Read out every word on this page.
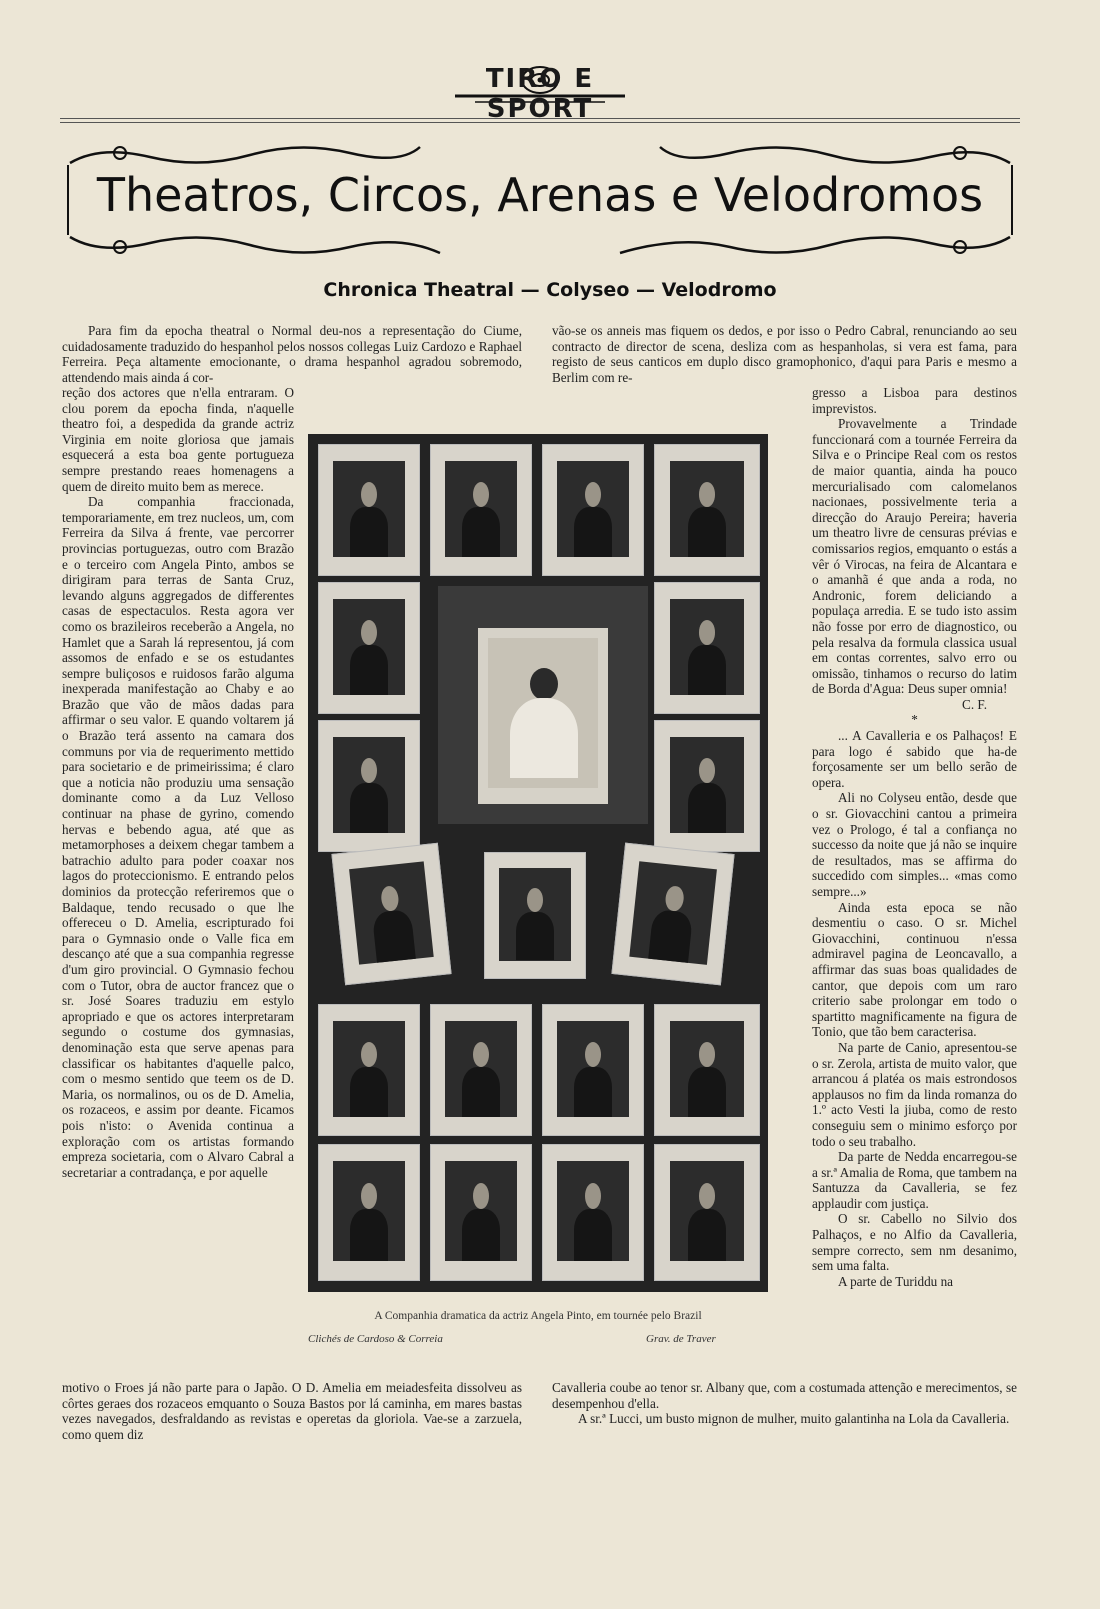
TIRO E SPORT
Theatros, Circos, Arenas e Velodromos
Chronica Theatral — Colyseo — Velodromo

Para fim da epocha theatral o Normal deu-nos a representação do Ciume, cuidadosamente traduzido do hespanhol pelos nossos collegas Luiz Cardozo e Raphael Ferreira. Peça altamente emocionante, o drama hespanhol agradou sobremodo, attendendo mais ainda á cor-

vão-se os anneis mas fiquem os dedos, e por isso o Pedro Cabral, renunciando ao seu contracto de director de scena, desliza com as hespanholas, si vera est fama, para registo de seus canticos em duplo disco gramophonico, d'aqui para Paris e mesmo a Berlim com re-

reção dos actores que n'ella entraram. O clou porem da epocha finda, n'aquelle theatro foi, a despedida da grande actriz Virginia em noite gloriosa que jamais esquecerá a esta boa gente portugueza sempre prestando reaes homenagens a quem de direito muito bem as merece.

Da companhia fraccionada, temporariamente, em trez nucleos, um, com Ferreira da Silva á frente, vae percorrer provincias portuguezas, outro com Brazão e o terceiro com Angela Pinto, ambos se dirigiram para terras de Santa Cruz, levando alguns aggregados de differentes casas de espectaculos. Resta agora ver como os brazileiros receberão a Angela, no Hamlet que a Sarah lá representou, já com assomos de enfado e se os estudantes sempre buliçosos e ruidosos farão alguma inexperada manifestação ao Chaby e ao Brazão que vão de mãos dadas para affirmar o seu valor. E quando voltarem já o Brazão terá assento na camara dos communs por via de requerimento mettido para societario e de primeirissima; é claro que a noticia não produziu uma sensação dominante como a da Luz Velloso continuar na phase de gyrino, comendo hervas e bebendo agua, até que as metamorphoses a deixem chegar tambem a batrachio adulto para poder coaxar nos lagos do proteccionismo. E entrando pelos dominios da protecção referiremos que o Baldaque, tendo recusado o que lhe offereceu o D. Amelia, escripturado foi para o Gymnasio onde o Valle fica em descanço até que a sua companhia regresse d'um giro provincial. O Gymnasio fechou com o Tutor, obra de auctor francez que o sr. José Soares traduziu em estylo apropriado e que os actores interpretaram segundo o costume dos gymnasias, denominação esta que serve apenas para classificar os habitantes d'aquelle palco, com o mesmo sentido que teem os de D. Maria, os normalinos, ou os de D. Amelia, os rozaceos, e assim por deante. Ficamos pois n'isto: o Avenida continua a exploração com os artistas formando empreza societaria, com o Alvaro Cabral a secretariar a contradança, e por aquelle

A Companhia dramatica da actriz Angela Pinto, em tournée pelo Brazil
Clichés de Cardoso & Correia	Grav. de Traver

gresso a Lisboa para destinos imprevistos.

Provavelmente a Trindade funccionará com a tournée Ferreira da Silva e o Principe Real com os restos de maior quantia, ainda ha pouco mercurialisado com calomelanos nacionaes, possivelmente teria a direcção do Araujo Pereira; haveria um theatro livre de censuras prévias e comissarios regios, emquanto o estás a vêr ó Virocas, na feira de Alcantara e o amanhã é que anda a roda, no Andronic, forem deliciando a populaça arredia. E se tudo isto assim não fosse por erro de diagnostico, ou pela resalva da formula classica usual em contas correntes, salvo erro ou omissão, tinhamos o recurso do latim de Borda d'Agua: Deus super omnia!

C. F.
*

... A Cavalleria e os Palhaços! E para logo é sabido que ha-de forçosamente ser um bello serão de opera.

Ali no Colyseu então, desde que o sr. Giovacchini cantou a primeira vez o Prologo, é tal a confiança no successo da noite que já não se inquire de resultados, mas se affirma do succedido com simples... «mas como sempre...»

Ainda esta epoca se não desmentiu o caso. O sr. Michel Giovacchini, continuou n'essa admiravel pagina de Leoncavallo, a affirmar das suas boas qualidades de cantor, que depois com um raro criterio sabe prolongar em todo o spartitto magnificamente na figura de Tonio, que tão bem caracterisa.

Na parte de Canio, apresentou-se o sr. Zerola, artista de muito valor, que arrancou á platéa os mais estrondosos applausos no fim da linda romanza do 1.º acto Vesti la jiuba, como de resto conseguiu sem o minimo esforço por todo o seu trabalho.

Da parte de Nedda encarregou-se a sr.ª Amalia de Roma, que tambem na Santuzza da Cavalleria, se fez applaudir com justiça.

O sr. Cabello no Silvio dos Palhaços, e no Alfio da Cavalleria, sempre correcto, sem nm desanimo, sem uma falta.

A parte de Turiddu na

motivo o Froes já não parte para o Japão. O D. Amelia em meiadesfeita dissolveu as côrtes geraes dos rozaceos emquanto o Souza Bastos por lá caminha, em mares bastas vezes navegados, desfraldando as revistas e operetas da gloriola. Vae-se a zarzuela, como quem diz

Cavalleria coube ao tenor sr. Albany que, com a costumada attenção e merecimentos, se desempenhou d'ella.

A sr.ª Lucci, um busto mignon de mulher, muito galantinha na Lola da Cavalleria.
